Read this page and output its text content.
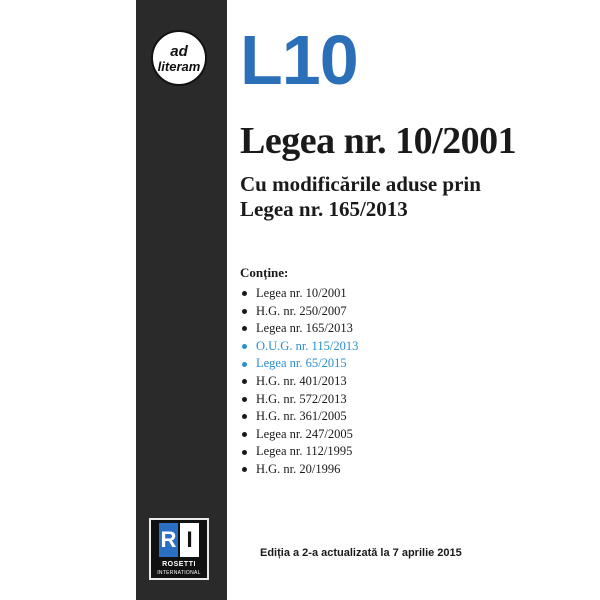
ad
literam L10
Legea nr. 10/2001
Cu modificările aduse prin
Legea nr. 165/2013
Conține:
Legea nr. 10/2001
H.G. nr. 250/2007
Legea nr. 165/2013
O.U.G. nr. 115/2013
Legea nr. 65/2015
H.G. nr. 401/2013
H.G. nr. 572/2013
H.G. nr. 361/2005
Legea nr. 247/2005
Legea nr. 112/1995
H.G. nr. 20/1996
R I
ROSETTI
INTERNATIONAL
Ediția a 2-a actualizată la 7 aprilie 2015
